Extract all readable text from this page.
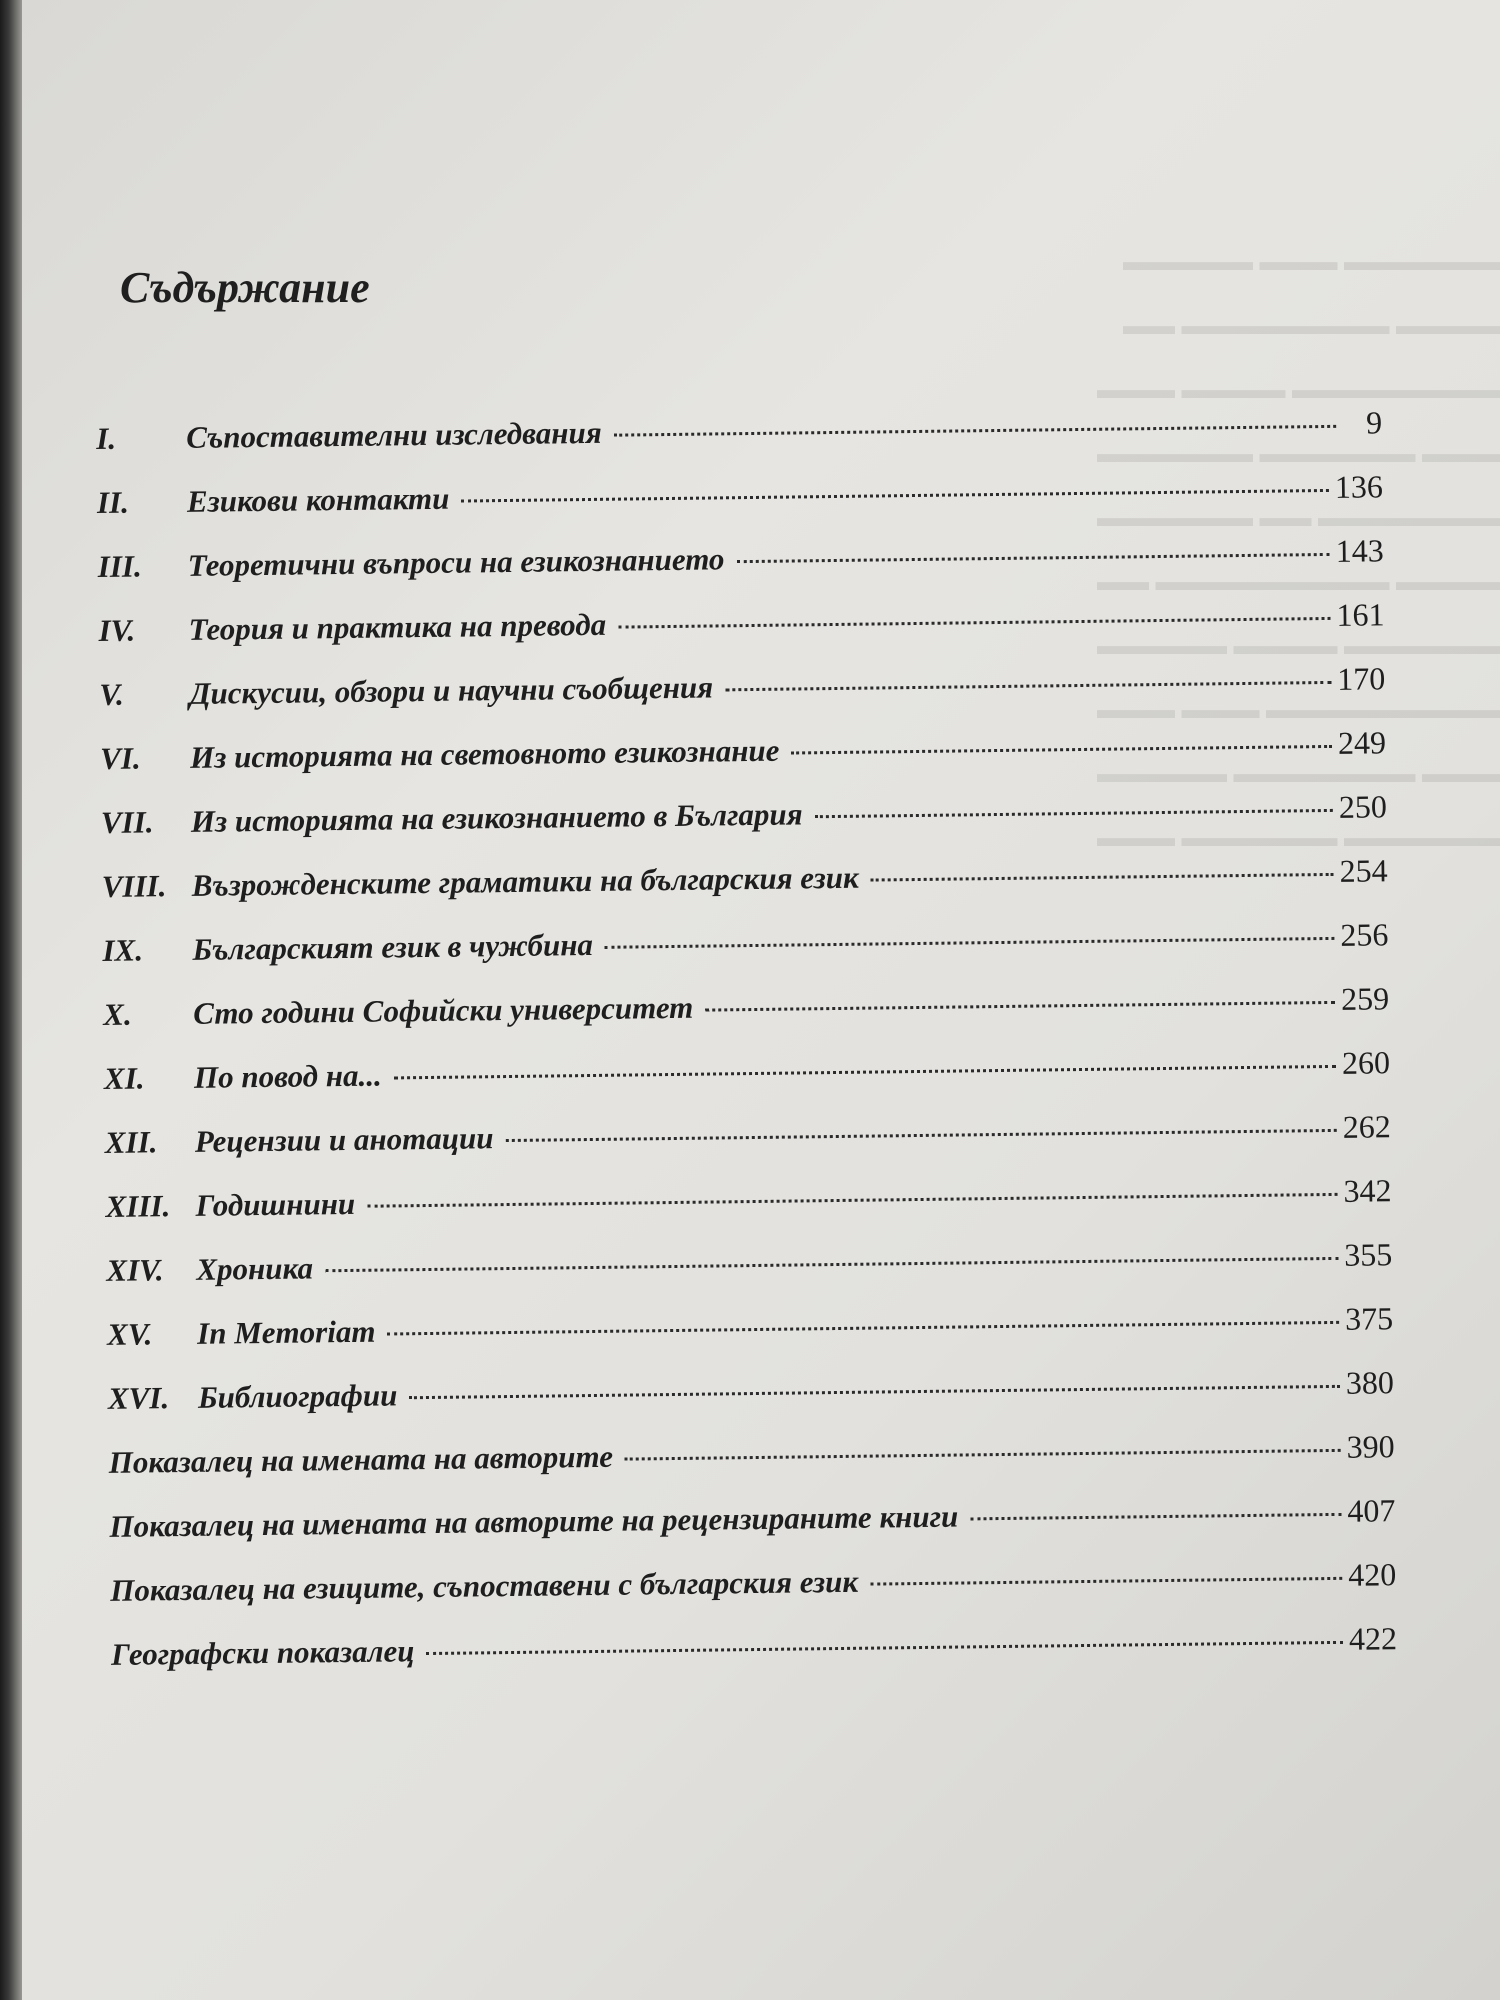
▬▬▬▬▬▬ ▬▬▬ ▬▬▬▬▬
▬▬▬▬ ▬▬▬▬▬▬▬▬ ▬▬
▬▬▬▬▬▬▬▬ ▬▬▬▬ ▬▬▬
▬▬▬ ▬▬▬▬▬▬ ▬▬▬▬▬▬
▬▬▬▬▬▬▬ ▬▬ ▬▬▬▬▬▬
▬▬▬▬ ▬▬▬▬▬▬▬▬▬ ▬▬
▬▬▬▬▬▬ ▬▬▬▬ ▬▬▬▬▬
▬▬▬▬▬▬▬▬▬ ▬▬▬ ▬▬▬
▬▬▬ ▬▬▬▬▬▬▬ ▬▬▬▬▬
▬▬▬▬▬▬ ▬▬▬▬▬▬ ▬▬▬
Съдържание
I.	Съпоставителни изследвания	9
II.	Езикови контакти	136
III.	Теоретични въпроси на езикознанието	143
IV.	Теория и практика на превода	161
V.	Дискусии, обзори и научни съобщения	170
VI.	Из историята на световното езикознание	249
VII.	Из историята на езикознанието в България	250
VIII. Възрожденските граматики на българския език	254
IX.	Българският език в чужбина	256
X.	Сто години Софийски университет	259
XI.	По повод на...	260
XII.	Рецензии и анотации	262
XIII. Годишнини	342
XIV.	Хроника	355
XV.	In Memoriam	375
XVI. Библиографии	380
Показалец на имената на авторите	390
Показалец на имената на авторите на рецензираните книги	407
Показалец на езиците, съпоставени с българския език	420
Географски показалец	422
